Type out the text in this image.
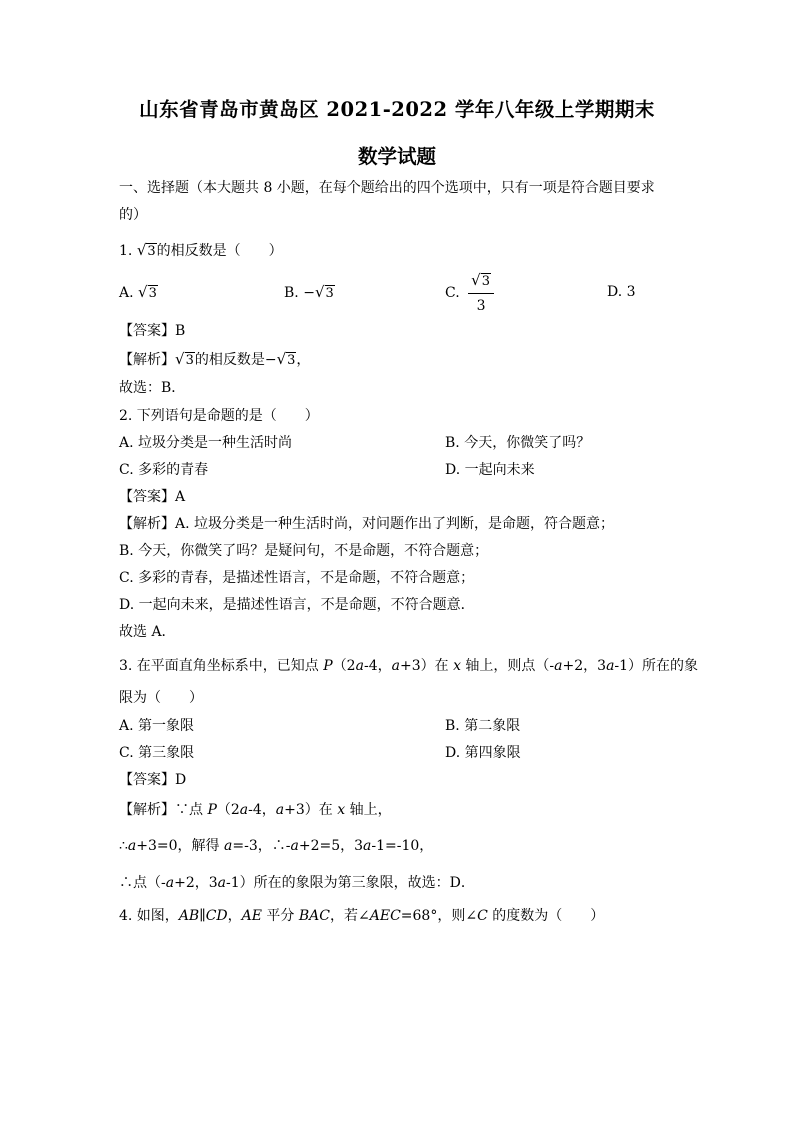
山东省青岛市黄岛区 2021-2022 学年八年级上学期期末
数学试题
一、选择题（本大题共 8 小题，在每个题给出的四个选项中，只有一项是符合题目要求
的）
1. √3的相反数是（　　）
A. √3	B. −√3	C. $\frac{√3}{3}$	D. 3
【答案】B
【解析】√3的相反数是−√3，
故选：B．
2. 下列语句是命题的是（　　）
A. 垃圾分类是一种生活时尚	B. 今天，你微笑了吗？
C. 多彩的青春	D. 一起向未来
【答案】A
【解析】A. 垃圾分类是一种生活时尚，对问题作出了判断，是命题，符合题意；
B. 今天，你微笑了吗？是疑问句，不是命题，不符合题意；
C. 多彩的青春，是描述性语言，不是命题，不符合题意；
D. 一起向未来，是描述性语言，不是命题，不符合题意．
故选 A．
3. 在平面直角坐标系中，已知点 P（2a-4，a+3）在 x 轴上，则点（-a+2，3a-1）所在的象
限为（　　）
A. 第一象限	B. 第二象限
C. 第三象限	D. 第四象限
【答案】D
【解析】∵点 P（2a-4，a+3）在 x 轴上，
∴a+3=0，解得 a=-3，∴-a+2=5，3a-1=-10，
∴点（-a+2，3a-1）所在的象限为第三象限，故选：D．
4. 如图，AB∥CD，AE 平分 BAC，若∠AEC=68°，则∠C 的度数为（　　）
